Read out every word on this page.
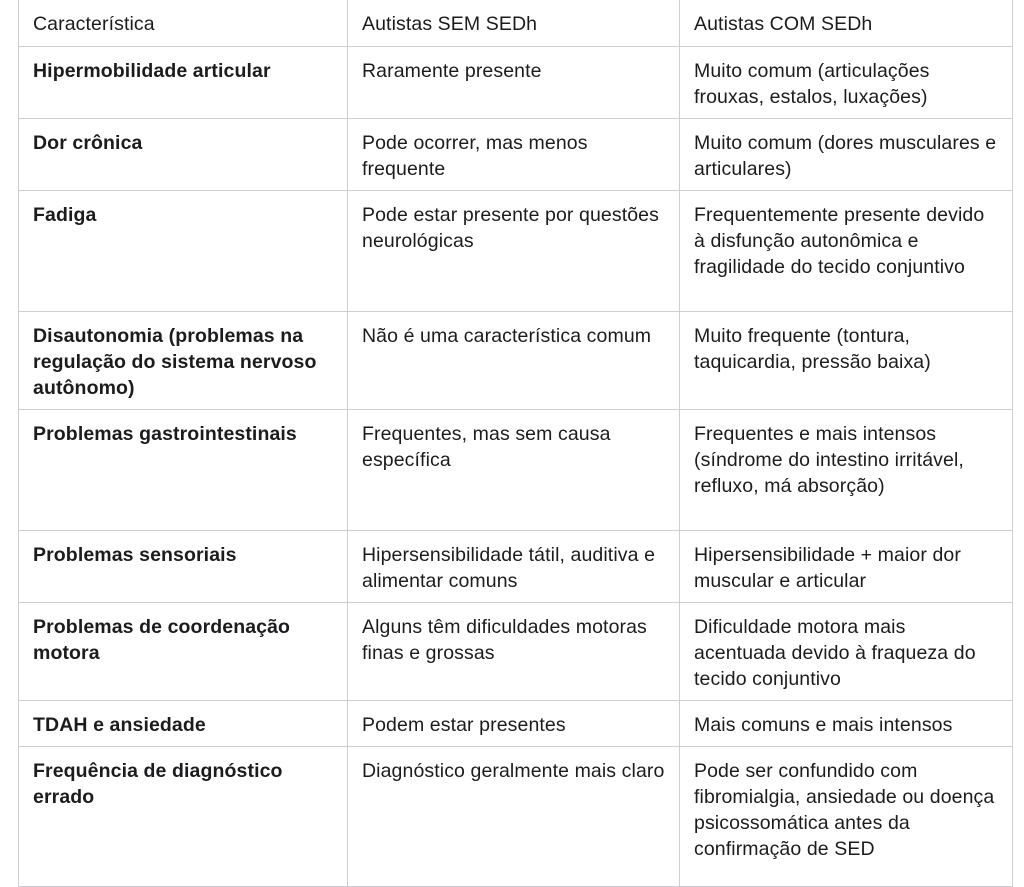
Característica	Autistas SEM SEDh	Autistas COM SEDh
Hipermobilidade articular	Raramente presente	Muito comum (articulações frouxas, estalos, luxações)
Dor crônica	Pode ocorrer, mas menos frequente	Muito comum (dores musculares e articulares)
Fadiga	Pode estar presente por questões neurológicas	Frequentemente presente devido à disfunção autonômica e fragilidade do tecido conjuntivo
Disautonomia (problemas na regulação do sistema nervoso autônomo)	Não é uma característica comum	Muito frequente (tontura, taquicardia, pressão baixa)
Problemas gastrointestinais	Frequentes, mas sem causa específica	Frequentes e mais intensos (síndrome do intestino irritável, refluxo, má absorção)
Problemas sensoriais	Hipersensibilidade tátil, auditiva e alimentar comuns	Hipersensibilidade + maior dor muscular e articular
Problemas de coordenação motora	Alguns têm dificuldades motoras finas e grossas	Dificuldade motora mais acentuada devido à fraqueza do tecido conjuntivo
TDAH e ansiedade	Podem estar presentes	Mais comuns e mais intensos
Frequência de diagnóstico errado	Diagnóstico geralmente mais claro	Pode ser confundido com fibromialgia, ansiedade ou doença psicossomática antes da confirmação de SED
